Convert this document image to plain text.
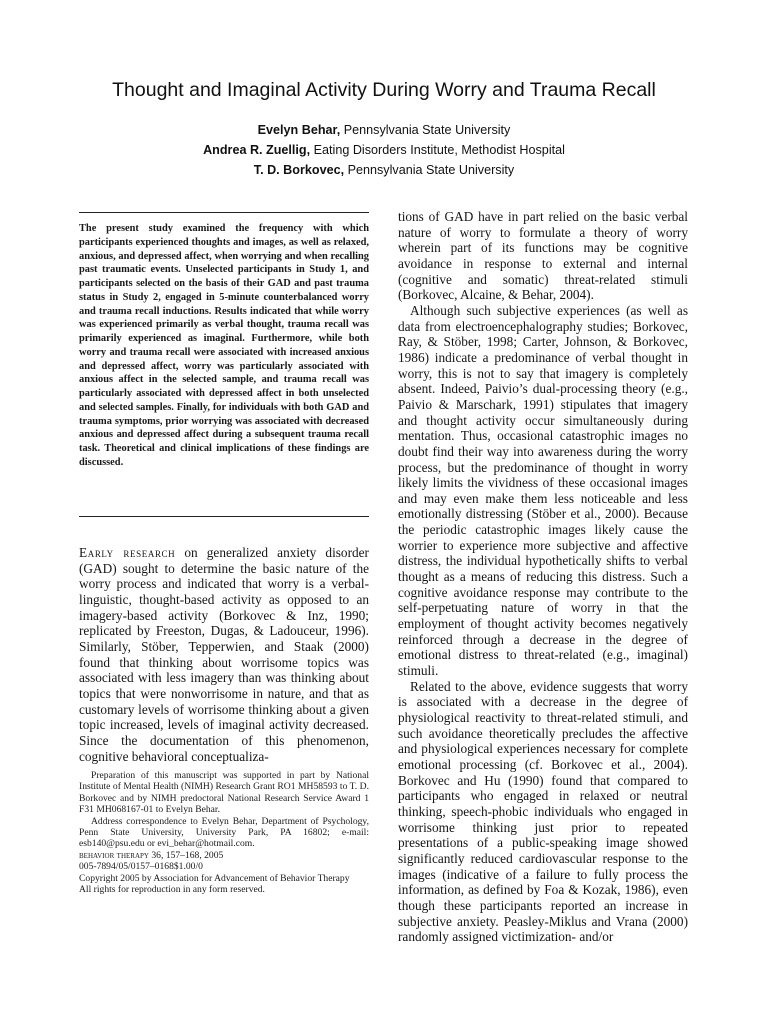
Thought and Imaginal Activity During Worry and Trauma Recall
Evelyn Behar, Pennsylvania State University
Andrea R. Zuellig, Eating Disorders Institute, Methodist Hospital
T. D. Borkovec, Pennsylvania State University
The present study examined the frequency with which participants experienced thoughts and images, as well as relaxed, anxious, and depressed affect, when worrying and when recalling past traumatic events. Unselected participants in Study 1, and participants selected on the basis of their GAD and past trauma status in Study 2, engaged in 5-minute counterbalanced worry and trauma recall inductions. Results indicated that while worry was experienced primarily as verbal thought, trauma recall was primarily experienced as imaginal. Furthermore, while both worry and trauma recall were associated with increased anxious and depressed affect, worry was particularly associated with anxious affect in the selected sample, and trauma recall was particularly associated with depressed affect in both unselected and selected samples. Finally, for individuals with both GAD and trauma symptoms, prior worrying was associated with decreased anxious and depressed affect during a subsequent trauma recall task. Theoretical and clinical implications of these findings are discussed.
Early research on generalized anxiety disorder (GAD) sought to determine the basic nature of the worry process and indicated that worry is a verbal-linguistic, thought-based activity as opposed to an imagery-based activity (Borkovec & Inz, 1990; replicated by Freeston, Dugas, & Ladouceur, 1996). Similarly, Stöber, Tepperwien, and Staak (2000) found that thinking about worrisome topics was associated with less imagery than was thinking about topics that were nonworrisome in nature, and that as customary levels of worrisome thinking about a given topic increased, levels of imaginal activity decreased. Since the documentation of this phenomenon, cognitive behavioral conceptualiza-

Preparation of this manuscript was supported in part by National Institute of Mental Health (NIMH) Research Grant RO1 MH58593 to T. D. Borkovec and by NIMH predoctoral National Research Service Award 1 F31 MH068167-01 to Evelyn Behar.

Address correspondence to Evelyn Behar, Department of Psychology, Penn State University, University Park, PA 16802; e-mail: esb140@psu.edu or evi_behar@hotmail.com.

behavior therapy 36, 157–168, 2005

005-7894/05/0157–0168$1.00/0

Copyright 2005 by Association for Advancement of Behavior Therapy

All rights for reproduction in any form reserved.

tions of GAD have in part relied on the basic verbal nature of worry to formulate a theory of worry wherein part of its functions may be cognitive avoidance in response to external and internal (cognitive and somatic) threat-related stimuli (Borkovec, Alcaine, & Behar, 2004).

Although such subjective experiences (as well as data from electroencephalography studies; Borkovec, Ray, & Stöber, 1998; Carter, Johnson, & Borkovec, 1986) indicate a predominance of verbal thought in worry, this is not to say that imagery is completely absent. Indeed, Paivio’s dual-processing theory (e.g., Paivio & Marschark, 1991) stipulates that imagery and thought activity occur simultaneously during mentation. Thus, occasional catastrophic images no doubt find their way into awareness during the worry process, but the predominance of thought in worry likely limits the vividness of these occasional images and may even make them less noticeable and less emotionally distressing (Stöber et al., 2000). Because the periodic catastrophic images likely cause the worrier to experience more subjective and affective distress, the individual hypothetically shifts to verbal thought as a means of reducing this distress. Such a cognitive avoidance response may contribute to the self-perpetuating nature of worry in that the employment of thought activity becomes negatively reinforced through a decrease in the degree of emotional distress to threat-related (e.g., imaginal) stimuli.

Related to the above, evidence suggests that worry is associated with a decrease in the degree of physiological reactivity to threat-related stimuli, and such avoidance theoretically precludes the affective and physiological experiences necessary for complete emotional processing (cf. Borkovec et al., 2004). Borkovec and Hu (1990) found that compared to participants who engaged in relaxed or neutral thinking, speech-phobic individuals who engaged in worrisome thinking just prior to repeated presentations of a public-speaking image showed significantly reduced cardiovascular response to the images (indicative of a failure to fully process the information, as defined by Foa & Kozak, 1986), even though these participants reported an increase in subjective anxiety. Peasley-Miklus and Vrana (2000) randomly assigned victimization- and/or
